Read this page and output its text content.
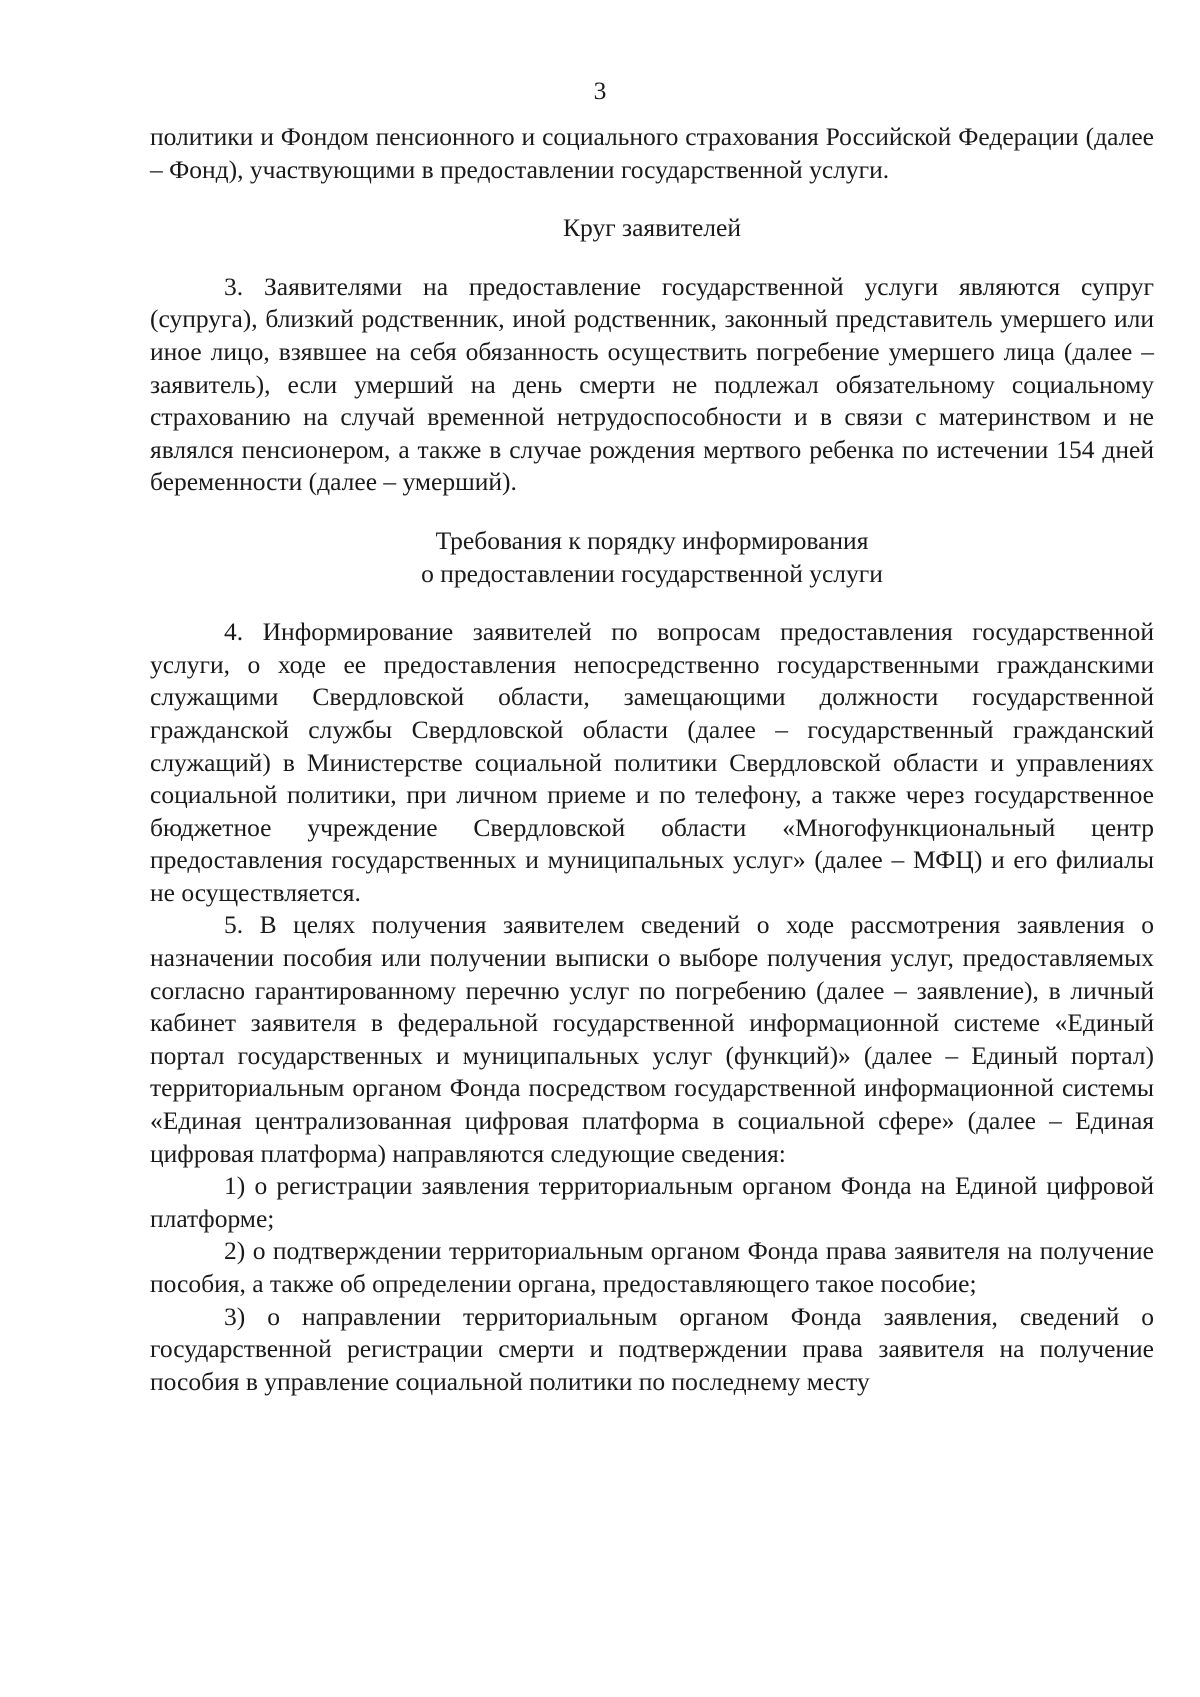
3

политики и Фондом пенсионного и социального страхования Российской Федерации (далее – Фонд), участвующими в предоставлении государственной услуги.

Круг заявителей

3. Заявителями на предоставление государственной услуги являются супруг (супруга), близкий родственник, иной родственник, законный представитель умершего или иное лицо, взявшее на себя обязанность осуществить погребение умершего лица (далее – заявитель), если умерший на день смерти не подлежал обязательному социальному страхованию на случай временной нетрудоспособности и в связи с материнством и не являлся пенсионером, а также в случае рождения мертвого ребенка по истечении 154 дней беременности (далее – умерший).

Требования к порядку информирования

о предоставлении государственной услуги

4. Информирование заявителей по вопросам предоставления государственной услуги, о ходе ее предоставления непосредственно государственными гражданскими служащими Свердловской области, замещающими должности государственной гражданской службы Свердловской области (далее – государственный гражданский служащий) в Министерстве социальной политики Свердловской области и управлениях социальной политики, при личном приеме и по телефону, а также через государственное бюджетное учреждение Свердловской области «Многофункциональный центр предоставления государственных и муниципальных услуг» (далее – МФЦ) и его филиалы не осуществляется.

5. В целях получения заявителем сведений о ходе рассмотрения заявления о назначении пособия или получении выписки о выборе получения услуг, предоставляемых согласно гарантированному перечню услуг по погребению (далее – заявление), в личный кабинет заявителя в федеральной государственной информационной системе «Единый портал государственных и муниципальных услуг (функций)» (далее – Единый портал) территориальным органом Фонда посредством государственной информационной системы «Единая централизованная цифровая платформа в социальной сфере» (далее – Единая цифровая платформа) направляются следующие сведения:

1) о регистрации заявления территориальным органом Фонда на Единой цифровой платформе;

2) о подтверждении территориальным органом Фонда права заявителя на получение пособия, а также об определении органа, предоставляющего такое пособие;

3) о направлении территориальным органом Фонда заявления, сведений о государственной регистрации смерти и подтверждении права заявителя на получение пособия в управление социальной политики по последнему месту
